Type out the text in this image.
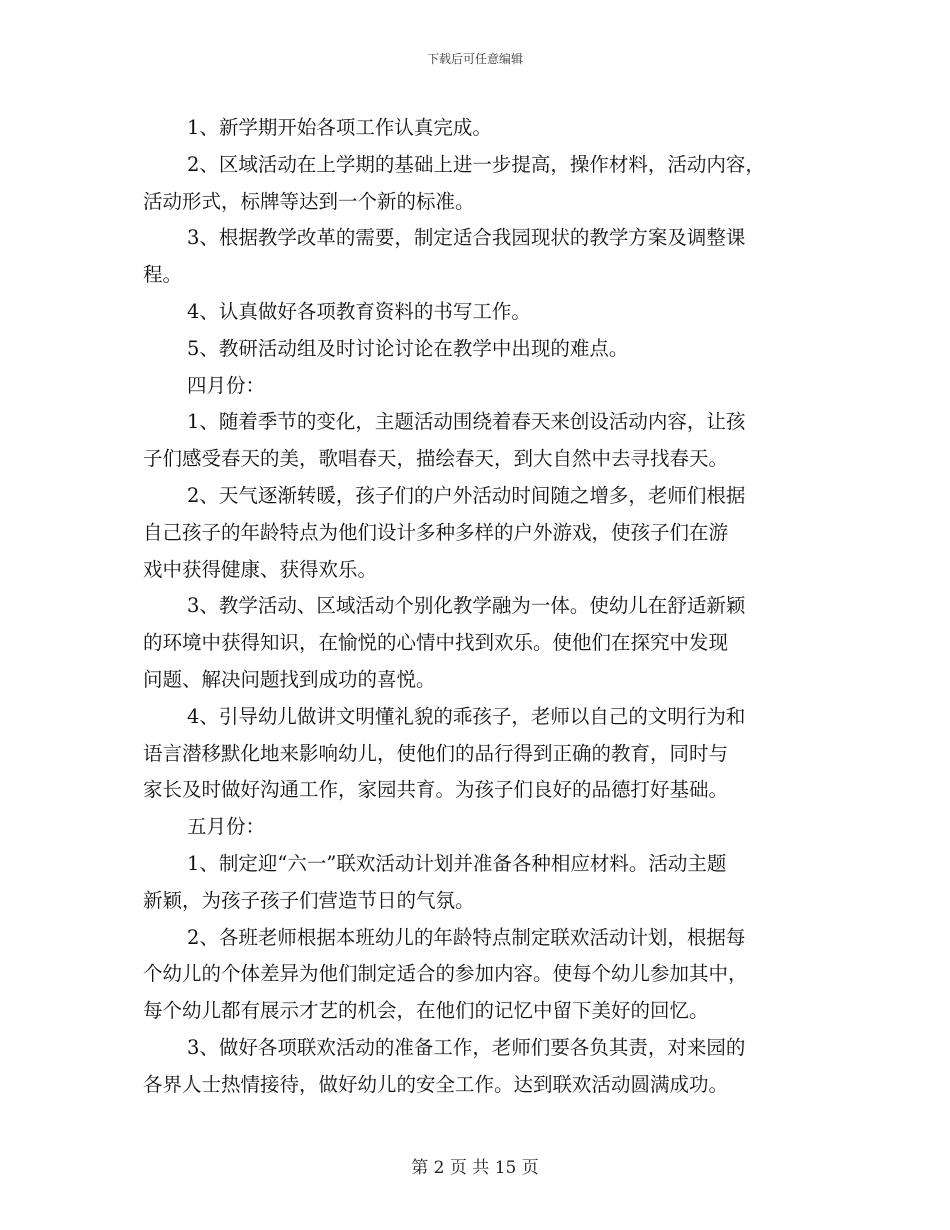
下载后可任意编辑
1、新学期开始各项工作认真完成。
2、区域活动在上学期的基础上进一步提高，操作材料，活动内容，
活动形式，标牌等达到一个新的标准。
3、根据教学改革的需要，制定适合我园现状的教学方案及调整课
程。
4、认真做好各项教育资料的书写工作。
5、教研活动组及时讨论讨论在教学中出现的难点。
四月份：
1、随着季节的变化，主题活动围绕着春天来创设活动内容，让孩
子们感受春天的美，歌唱春天，描绘春天，到大自然中去寻找春天。
2、天气逐渐转暖，孩子们的户外活动时间随之增多，老师们根据
自己孩子的年龄特点为他们设计多种多样的户外游戏，使孩子们在游
戏中获得健康、获得欢乐。
3、教学活动、区域活动个别化教学融为一体。使幼儿在舒适新颖
的环境中获得知识，在愉悦的心情中找到欢乐。使他们在探究中发现
问题、解决问题找到成功的喜悦。
4、引导幼儿做讲文明懂礼貌的乖孩子，老师以自己的文明行为和
语言潜移默化地来影响幼儿，使他们的品行得到正确的教育，同时与
家长及时做好沟通工作，家园共育。为孩子们良好的品德打好基础。
五月份：
1、制定迎“六一”联欢活动计划并准备各种相应材料。活动主题
新颖，为孩子孩子们营造节日的气氛。
2、各班老师根据本班幼儿的年龄特点制定联欢活动计划，根据每
个幼儿的个体差异为他们制定适合的参加内容。使每个幼儿参加其中，
每个幼儿都有展示才艺的机会，在他们的记忆中留下美好的回忆。
3、做好各项联欢活动的准备工作，老师们要各负其责，对来园的
各界人士热情接待，做好幼儿的安全工作。达到联欢活动圆满成功。
第 2 页 共 15 页
